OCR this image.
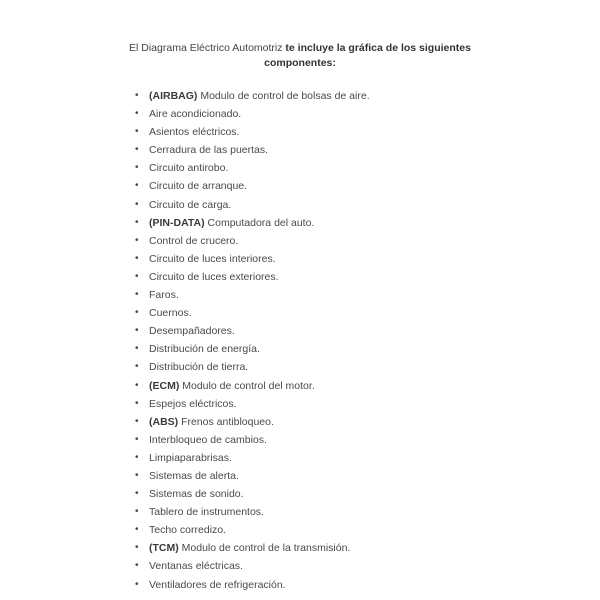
El Diagrama Eléctrico Automotriz te incluye la gráfica de los siguientes componentes:
• (AIRBAG) Modulo de control de bolsas de aire.
• Aire acondicionado.
• Asientos eléctricos.
• Cerradura de las puertas.
• Circuito antirobo.
• Circuito de arranque.
• Circuito de carga.
• (PIN-DATA) Computadora del auto.
• Control de crucero.
• Circuito de luces interiores.
• Circuito de luces exteriores.
• Faros.
• Cuernos.
• Desempañadores.
• Distribución de energía.
• Distribución de tierra.
• (ECM) Modulo de control del motor.
• Espejos eléctricos.
• (ABS) Frenos antibloqueo.
• Interbloqueo de cambios.
• Limpiaparabrisas.
• Sistemas de alerta.
• Sistemas de sonido.
• Tablero de instrumentos.
• Techo corredizo.
• (TCM) Modulo de control de la transmisión.
• Ventanas eléctricas.
• Ventiladores de refrigeración.
